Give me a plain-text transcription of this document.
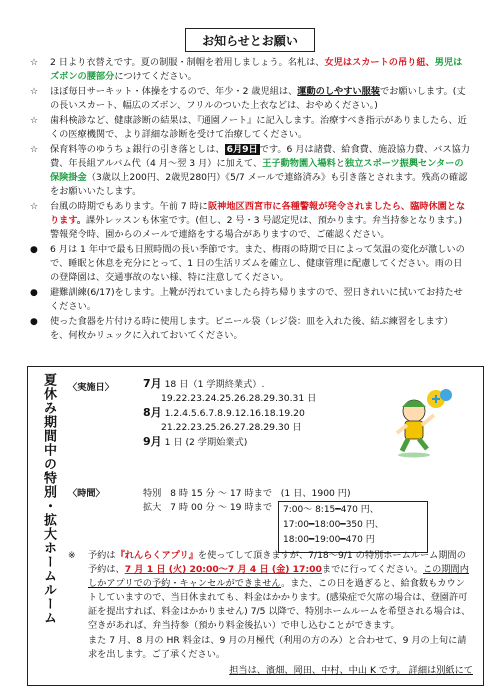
お知らせとお願い
☆	2 日より衣替えです。夏の制服・制帽を着用しましょう。名札は、女児はスカートの吊り紐、男児はズボンの腰部分につけてください。
☆	ほぼ毎日サーキット・体操をするので、年少・2 歳児組は、運動のしやすい服装でお願いします。(丈の長いスカート、幅広のズボン、フリルのついた上衣などは、おやめください。)
☆	歯科検診など、健康診断の結果は、『通園ノート』に記入します。治療すべき指示がありましたら、近くの医療機関で、より詳細な診断を受けて治療してください。
☆	保育料等のゆうちょ銀行の引き落としは、 6月9日 です。6 月は諸費、給食費、施設協力費、バス協力費、年長組アルバム代（4 月～翌 3 月）に加えて、王子動物園入場料と独立スポーツ振興センターの保険掛金（3歳以上200円、2歳児280円）《5/7 メールで連絡済み》も引き落とされます。残高の確認をお願いいたします。
☆	台風の時期でもあります。午前 7 時に阪神地区西宮市に各種警報が発令されましたら、臨時休園となります。課外レッスンも休室です。(但し、2 号・3 号認定児は、預かります。弁当持参となります。) 警報発令時、園からのメールで連絡をする場合がありますので、ご確認ください。
●	6 月は 1 年中で最も日照時間の長い季節です。また、梅雨の時期で日によって気温の変化が激しいので、睡眠と休息を充分にとって、1 日の生活リズムを確立し、健康管理に配慮してください。雨の日の登降園は、交通事故のない様、特に注意してください。
●	避難訓練(6/17)をします。上靴が汚れていましたら持ち帰りますので、翌日きれいに拭いてお持たせください。
●	使った食器を片付ける時に使用します。ビニール袋（レジ袋：皿を入れた後、結ぶ練習をします）を、何枚かリュックに入れておいてください。
夏休み期間中の特別・拡大ホームルーム 〈実施日〉	7月 18 日（1 学期終業式）.
19.22.23.24.25.26.28.29.30.31 日
8月 1.2.4.5.6.7.8.9.12.16.18.19.20
21.22.23.25.26.27.28.29.30 日
9月 1 日 (2 学期始業式)
〈時間〉	特別 8 時 15 分 ～ 17 時まで (1 日、1900 円)
拡大 7 時 00 分 ～ 19 時まで 7:00～ 8:15━470 円、
17:00━18:00━350 円、
18:00━19:00━470 円
※	予約は『れんらくアプリ』を使ってして頂きますが、7/18～9/1 の特別ホームルーム期間の予約は、7 月 1 日 (火) 20:00～7 月 4 日 (金) 17:00までに行ってください。この期間内しかアプリでの予約・キャンセルができません。また、この日を過ぎると、給食数もカウントしていますので、当日休まれても、料金はかかります。(感染症で欠席の場合は、登園許可証を提出すれば、料金はかかりません) 7/5 以降で、特別ホームルームを希望される場合は、空きがあれば、弁当持参（預かり料金後払い）で申し込むことができます。
また 7 月、8 月の HR 料金は、9 月の月極代（利用の方のみ）と合わせて、9 月の上旬に請求を出します。ご了承ください。
担当は、濱畑、岡田、中村、中山 K です。 詳細は別紙にて
